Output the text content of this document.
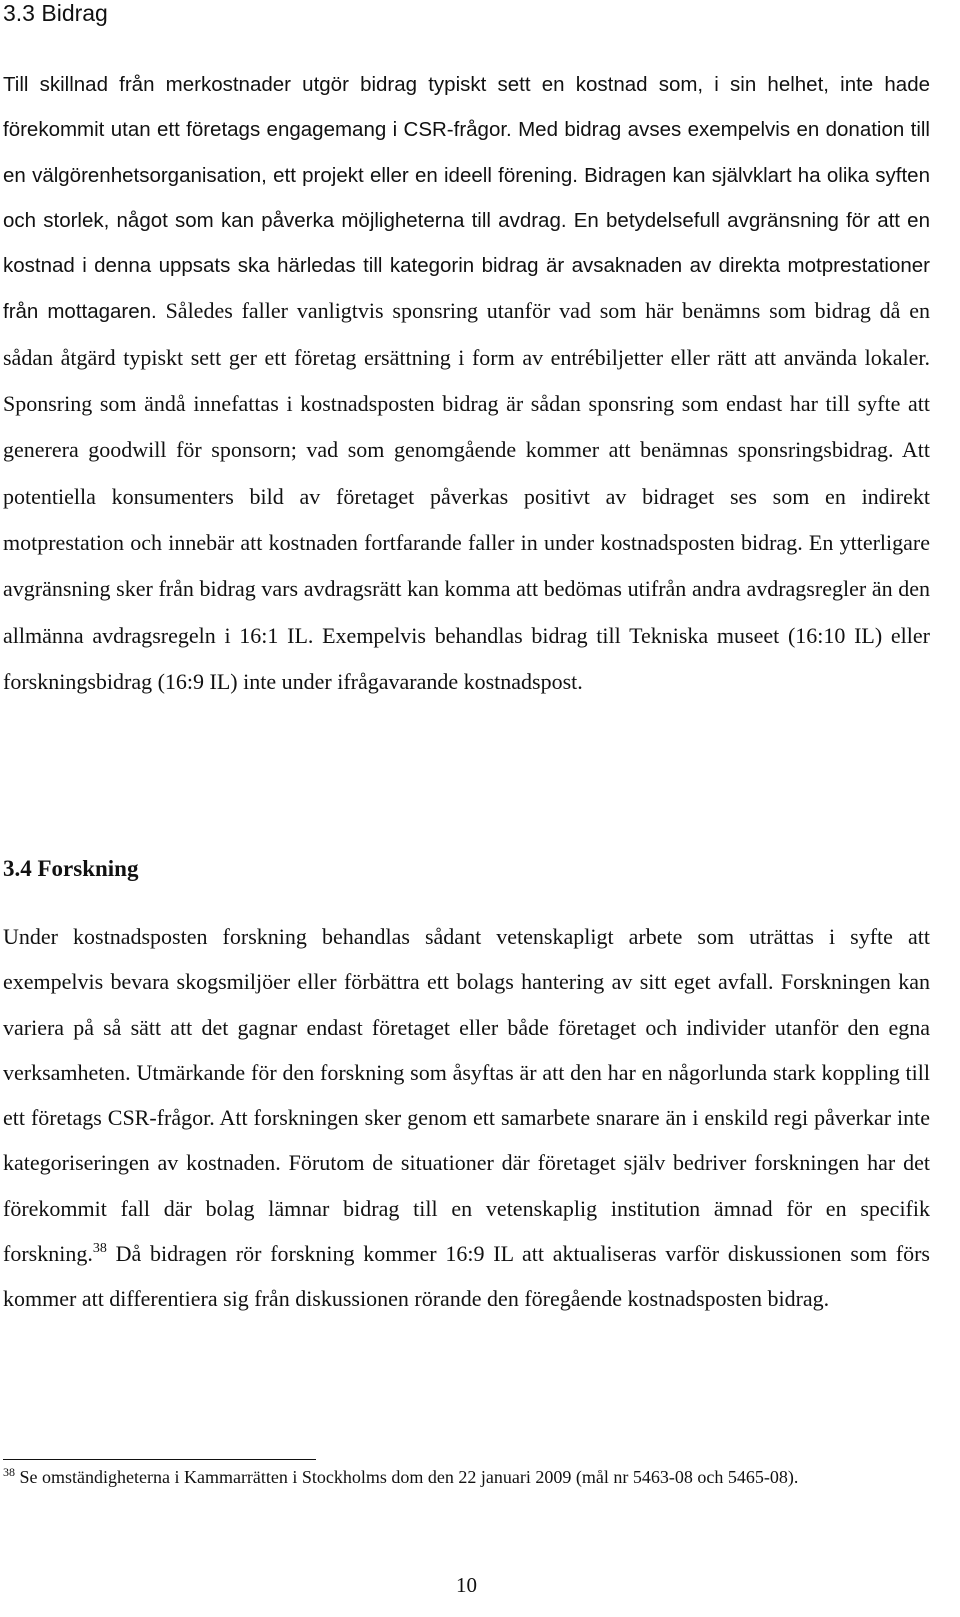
3.3 Bidrag

Till skillnad från merkostnader utgör bidrag typiskt sett en kostnad som, i sin helhet, inte hade förekommit utan ett företags engagemang i CSR-frågor. Med bidrag avses exempelvis en donation till en välgörenhetsorganisation, ett projekt eller en ideell förening. Bidragen kan självklart ha olika syften och storlek, något som kan påverka möjligheterna till avdrag. En betydelsefull avgränsning för att en kostnad i denna uppsats ska härledas till kategorin bidrag är avsaknaden av direkta motprestationer från mottagaren. Således faller vanligtvis sponsring utanför vad som här benämns som bidrag då en sådan åtgärd typiskt sett ger ett företag ersättning i form av entrébiljetter eller rätt att använda lokaler. Sponsring som ändå innefattas i kostnadsposten bidrag är sådan sponsring som endast har till syfte att generera goodwill för sponsorn; vad som genomgående kommer att benämnas sponsringsbidrag. Att potentiella konsumenters bild av företaget påverkas positivt av bidraget ses som en indirekt motprestation och innebär att kostnaden fortfarande faller in under kostnadsposten bidrag. En ytterligare avgränsning sker från bidrag vars avdragsrätt kan komma att bedömas utifrån andra avdragsregler än den allmänna avdragsregeln i 16:1 IL. Exempelvis behandlas bidrag till Tekniska museet (16:10 IL) eller forskningsbidrag (16:9 IL) inte under ifrågavarande kostnadspost.

3.4 Forskning

Under kostnadsposten forskning behandlas sådant vetenskapligt arbete som uträttas i syfte att exempelvis bevara skogsmiljöer eller förbättra ett bolags hantering av sitt eget avfall. Forskningen kan variera på så sätt att det gagnar endast företaget eller både företaget och individer utanför den egna verksamheten. Utmärkande för den forskning som åsyftas är att den har en någorlunda stark koppling till ett företags CSR-frågor. Att forskningen sker genom ett samarbete snarare än i enskild regi påverkar inte kategoriseringen av kostnaden. Förutom de situationer där företaget själv bedriver forskningen har det förekommit fall där bolag lämnar bidrag till en vetenskaplig institution ämnad för en specifik forskning.$^{38}$ Då bidragen rör forskning kommer 16:9 IL att aktualiseras varför diskussionen som förs kommer att differentiera sig från diskussionen rörande den föregående kostnadsposten bidrag.

$^{38}$ Se omständigheterna i Kammarrätten i Stockholms dom den 22 januari 2009 (mål nr 5463-08 och 5465-08).

10
